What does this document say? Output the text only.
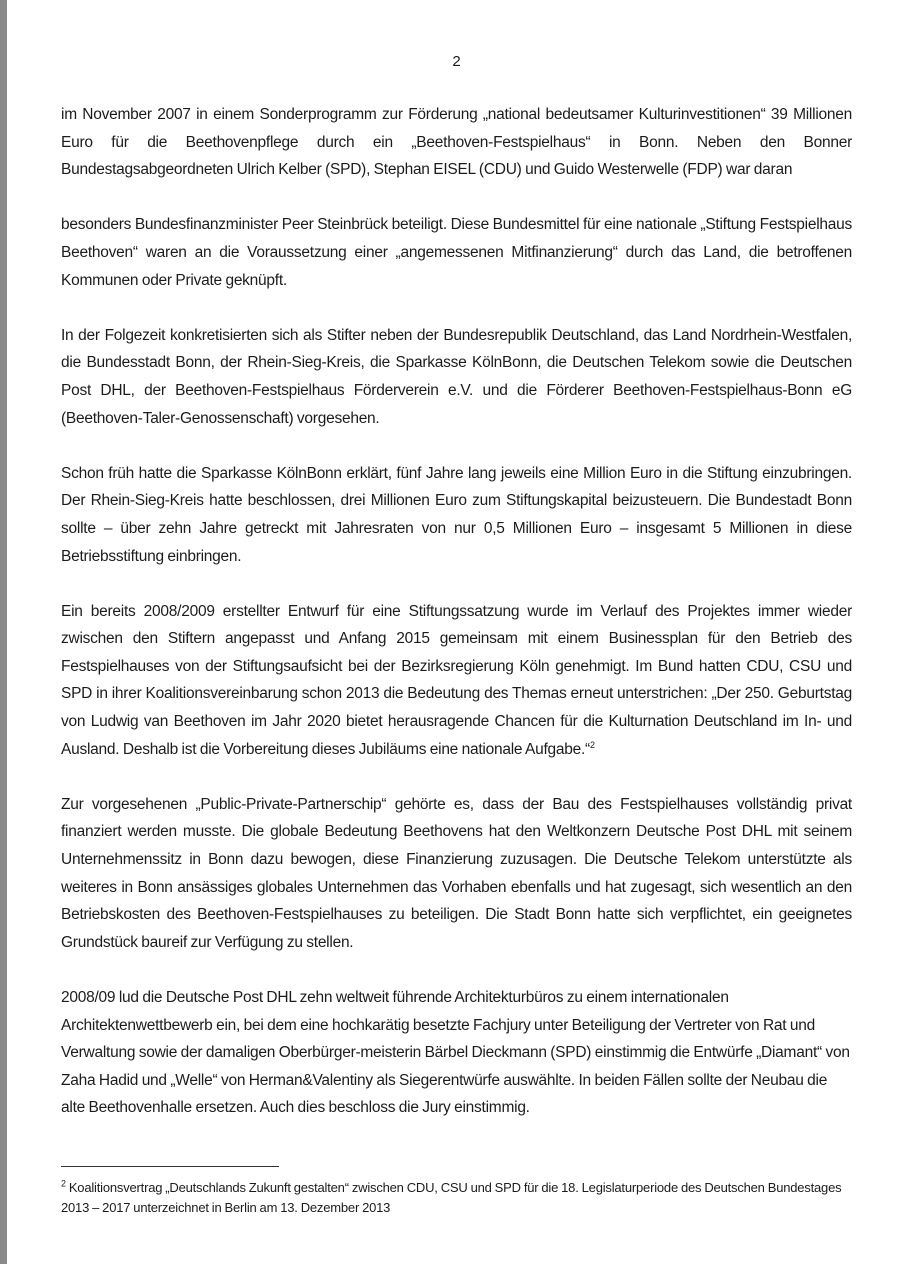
2

im November 2007 in einem Sonderprogramm zur Förderung „national bedeutsamer Kulturinvestitionen“ 39 Millionen Euro für die Beethovenpflege durch ein „Beethoven-Festspielhaus“ in Bonn. Neben den Bonner Bundestagsabgeordneten Ulrich Kelber (SPD), Stephan EISEL (CDU) und Guido Westerwelle (FDP) war daran

besonders Bundesfinanzminister Peer Steinbrück beteiligt. Diese Bundesmittel für eine nationale „Stiftung Festspielhaus Beethoven“ waren an die Voraussetzung einer „angemessenen Mitfinanzierung“ durch das Land, die betroffenen Kommunen oder Private geknüpft.

In der Folgezeit konkretisierten sich als Stifter neben der Bundesrepublik Deutschland, das Land Nordrhein-Westfalen, die Bundesstadt Bonn, der Rhein-Sieg-Kreis, die Sparkasse KölnBonn, die Deutschen Telekom sowie die Deutschen Post DHL, der Beethoven-Festspielhaus Förderverein e.V. und die Förderer Beethoven-Festspielhaus-Bonn eG (Beethoven-Taler-Genossenschaft) vorgesehen.

Schon früh hatte die Sparkasse KölnBonn erklärt, fünf Jahre lang jeweils eine Million Euro in die Stiftung einzubringen. Der Rhein-Sieg-Kreis hatte beschlossen, drei Millionen Euro zum Stiftungskapital beizusteuern. Die Bundestadt Bonn sollte – über zehn Jahre getreckt mit Jahresraten von nur 0,5 Millionen Euro – insgesamt 5 Millionen in diese Betriebsstiftung einbringen.

Ein bereits 2008/2009 erstellter Entwurf für eine Stiftungssatzung wurde im Verlauf des Projektes immer wieder zwischen den Stiftern angepasst und Anfang 2015 gemeinsam mit einem Businessplan für den Betrieb des Festspielhauses von der Stiftungsaufsicht bei der Bezirksregierung Köln genehmigt. Im Bund hatten CDU, CSU und SPD in ihrer Koalitionsvereinbarung schon 2013 die Bedeutung des Themas erneut unterstrichen: „Der 250. Geburtstag von Ludwig van Beethoven im Jahr 2020 bietet herausragende Chancen für die Kulturnation Deutschland im In- und Ausland. Deshalb ist die Vorbereitung dieses Jubiläums eine nationale Aufgabe.“$^2$

Zur vorgesehenen „Public-Private-Partnerschip“ gehörte es, dass der Bau des Festspielhauses vollständig privat finanziert werden musste. Die globale Bedeutung Beethovens hat den Weltkonzern Deutsche Post DHL mit seinem Unternehmenssitz in Bonn dazu bewogen, diese Finanzierung zuzusagen. Die Deutsche Telekom unterstützte als weiteres in Bonn ansässiges globales Unternehmen das Vorhaben ebenfalls und hat zugesagt, sich wesentlich an den Betriebskosten des Beethoven-Festspielhauses zu beteiligen. Die Stadt Bonn hatte sich verpflichtet, ein geeignetes Grundstück baureif zur Verfügung zu stellen.

2008/09 lud die Deutsche Post DHL zehn weltweit führende Architekturbüros zu einem internationalen Architektenwettbewerb ein, bei dem eine hochkarätig besetzte Fachjury unter Beteiligung der Vertreter von Rat und Verwaltung sowie der damaligen Oberbürger-meisterin Bärbel Dieckmann (SPD) einstimmig die Entwürfe „Diamant“ von Zaha Hadid und „Welle“ von Herman&Valentiny als Siegerentwürfe auswählte. In beiden Fällen sollte der Neubau die alte Beethovenhalle ersetzen. Auch dies beschloss die Jury einstimmig.

$^2$ Koalitionsvertrag „Deutschlands Zukunft gestalten“ zwischen CDU, CSU und SPD für die 18. Legislaturperiode des Deutschen Bundestages 2013 – 2017 unterzeichnet in Berlin am 13. Dezember 2013
